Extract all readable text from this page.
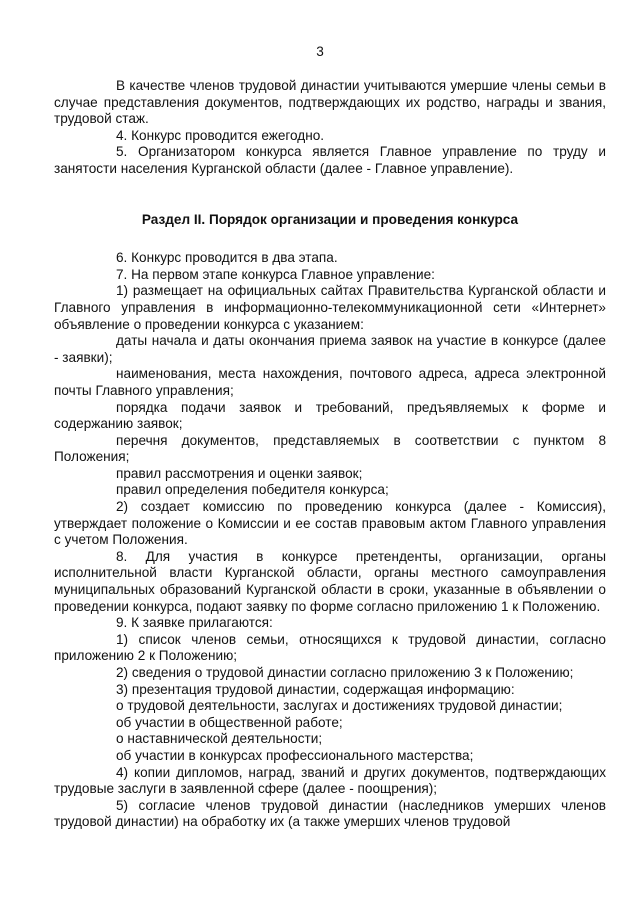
3

В качестве членов трудовой династии учитываются умершие члены семьи в случае представления документов, подтверждающих их родство, награды и звания, трудовой стаж.

4. Конкурс проводится ежегодно.

5. Организатором конкурса является Главное управление по труду и занятости населения Курганской области (далее - Главное управление).

Раздел II. Порядок организации и проведения конкурса

6. Конкурс проводится в два этапа.

7. На первом этапе конкурса Главное управление:

1) размещает на официальных сайтах Правительства Курганской области и Главного управления в информационно-телекоммуникационной сети «Интернет» объявление о проведении конкурса с указанием:

даты начала и даты окончания приема заявок на участие в конкурсе (далее - заявки);

наименования, места нахождения, почтового адреса, адреса электронной почты Главного управления;

порядка подачи заявок и требований, предъявляемых к форме и содержанию заявок;

перечня документов, представляемых в соответствии с пунктом 8 Положения;

правил рассмотрения и оценки заявок;

правил определения победителя конкурса;

2) создает комиссию по проведению конкурса (далее - Комиссия), утверждает положение о Комиссии и ее состав правовым актом Главного управления с учетом Положения.

8. Для участия в конкурсе претенденты, организации, органы исполнительной власти Курганской области, органы местного самоуправления муниципальных образований Курганской области в сроки, указанные в объявлении о проведении конкурса, подают заявку по форме согласно приложению 1 к Положению.

9. К заявке прилагаются:

1) список членов семьи, относящихся к трудовой династии, согласно приложению 2 к Положению;

2) сведения о трудовой династии согласно приложению 3 к Положению;

3) презентация трудовой династии, содержащая информацию:

о трудовой деятельности, заслугах и достижениях трудовой династии;

об участии в общественной работе;

о наставнической деятельности;

об участии в конкурсах профессионального мастерства;

4) копии дипломов, наград, званий и других документов, подтверждающих трудовые заслуги в заявленной сфере (далее - поощрения);

5) согласие членов трудовой династии (наследников умерших членов трудовой династии) на обработку их (а также умерших членов трудовой
